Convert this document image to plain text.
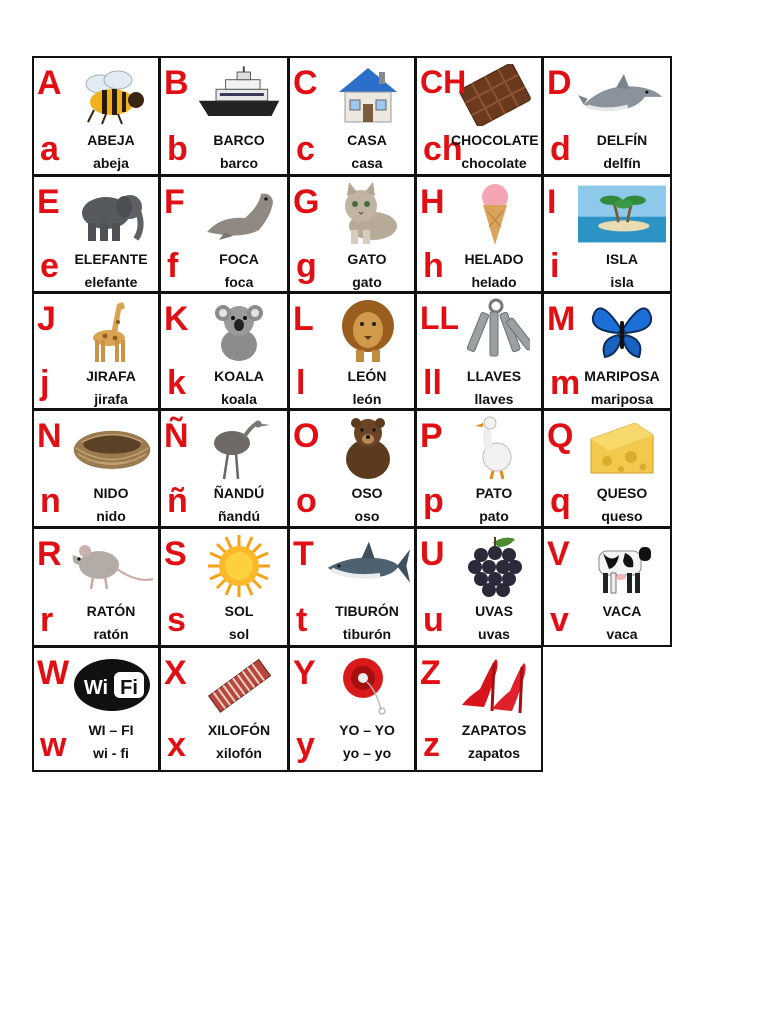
A
a	ABEJA
abeja
B
b	BARCO
barco
C
c	CASA
casa
CH
ch
CHOCOLATE
chocolate
D
d	DELFÍN
delfín
E
e	ELEFANTE
elefante
F
f	FOCA
foca
G
g	GATO
gato
H
h	HELADO
helado
I
i	ISLA
isla
J
j	JIRAFA
jirafa
K
k	KOALA
koala
L
l	LEÓN
león
LL
ll	LLAVES
llaves
M
m MARIPOSA
mariposa
N
n	NIDO
nido
Ñ
ñ	ÑANDÚ
ñandú
O
o	OSO
oso
P
p	PATO
pato
Q
q	QUESO
queso
R
r	RATÓN
ratón
S
s	SOL
sol
T
t	TIBURÓN
tiburón
U
u	UVAS
uvas
V
v	VACA
vaca
Wi Fi
W
w	WI – FI
wi - fi
X
x	XILOFÓN
xilofón
Y
y	YO – YO
yo – yo
Z
z	ZAPATOS
zapatos
